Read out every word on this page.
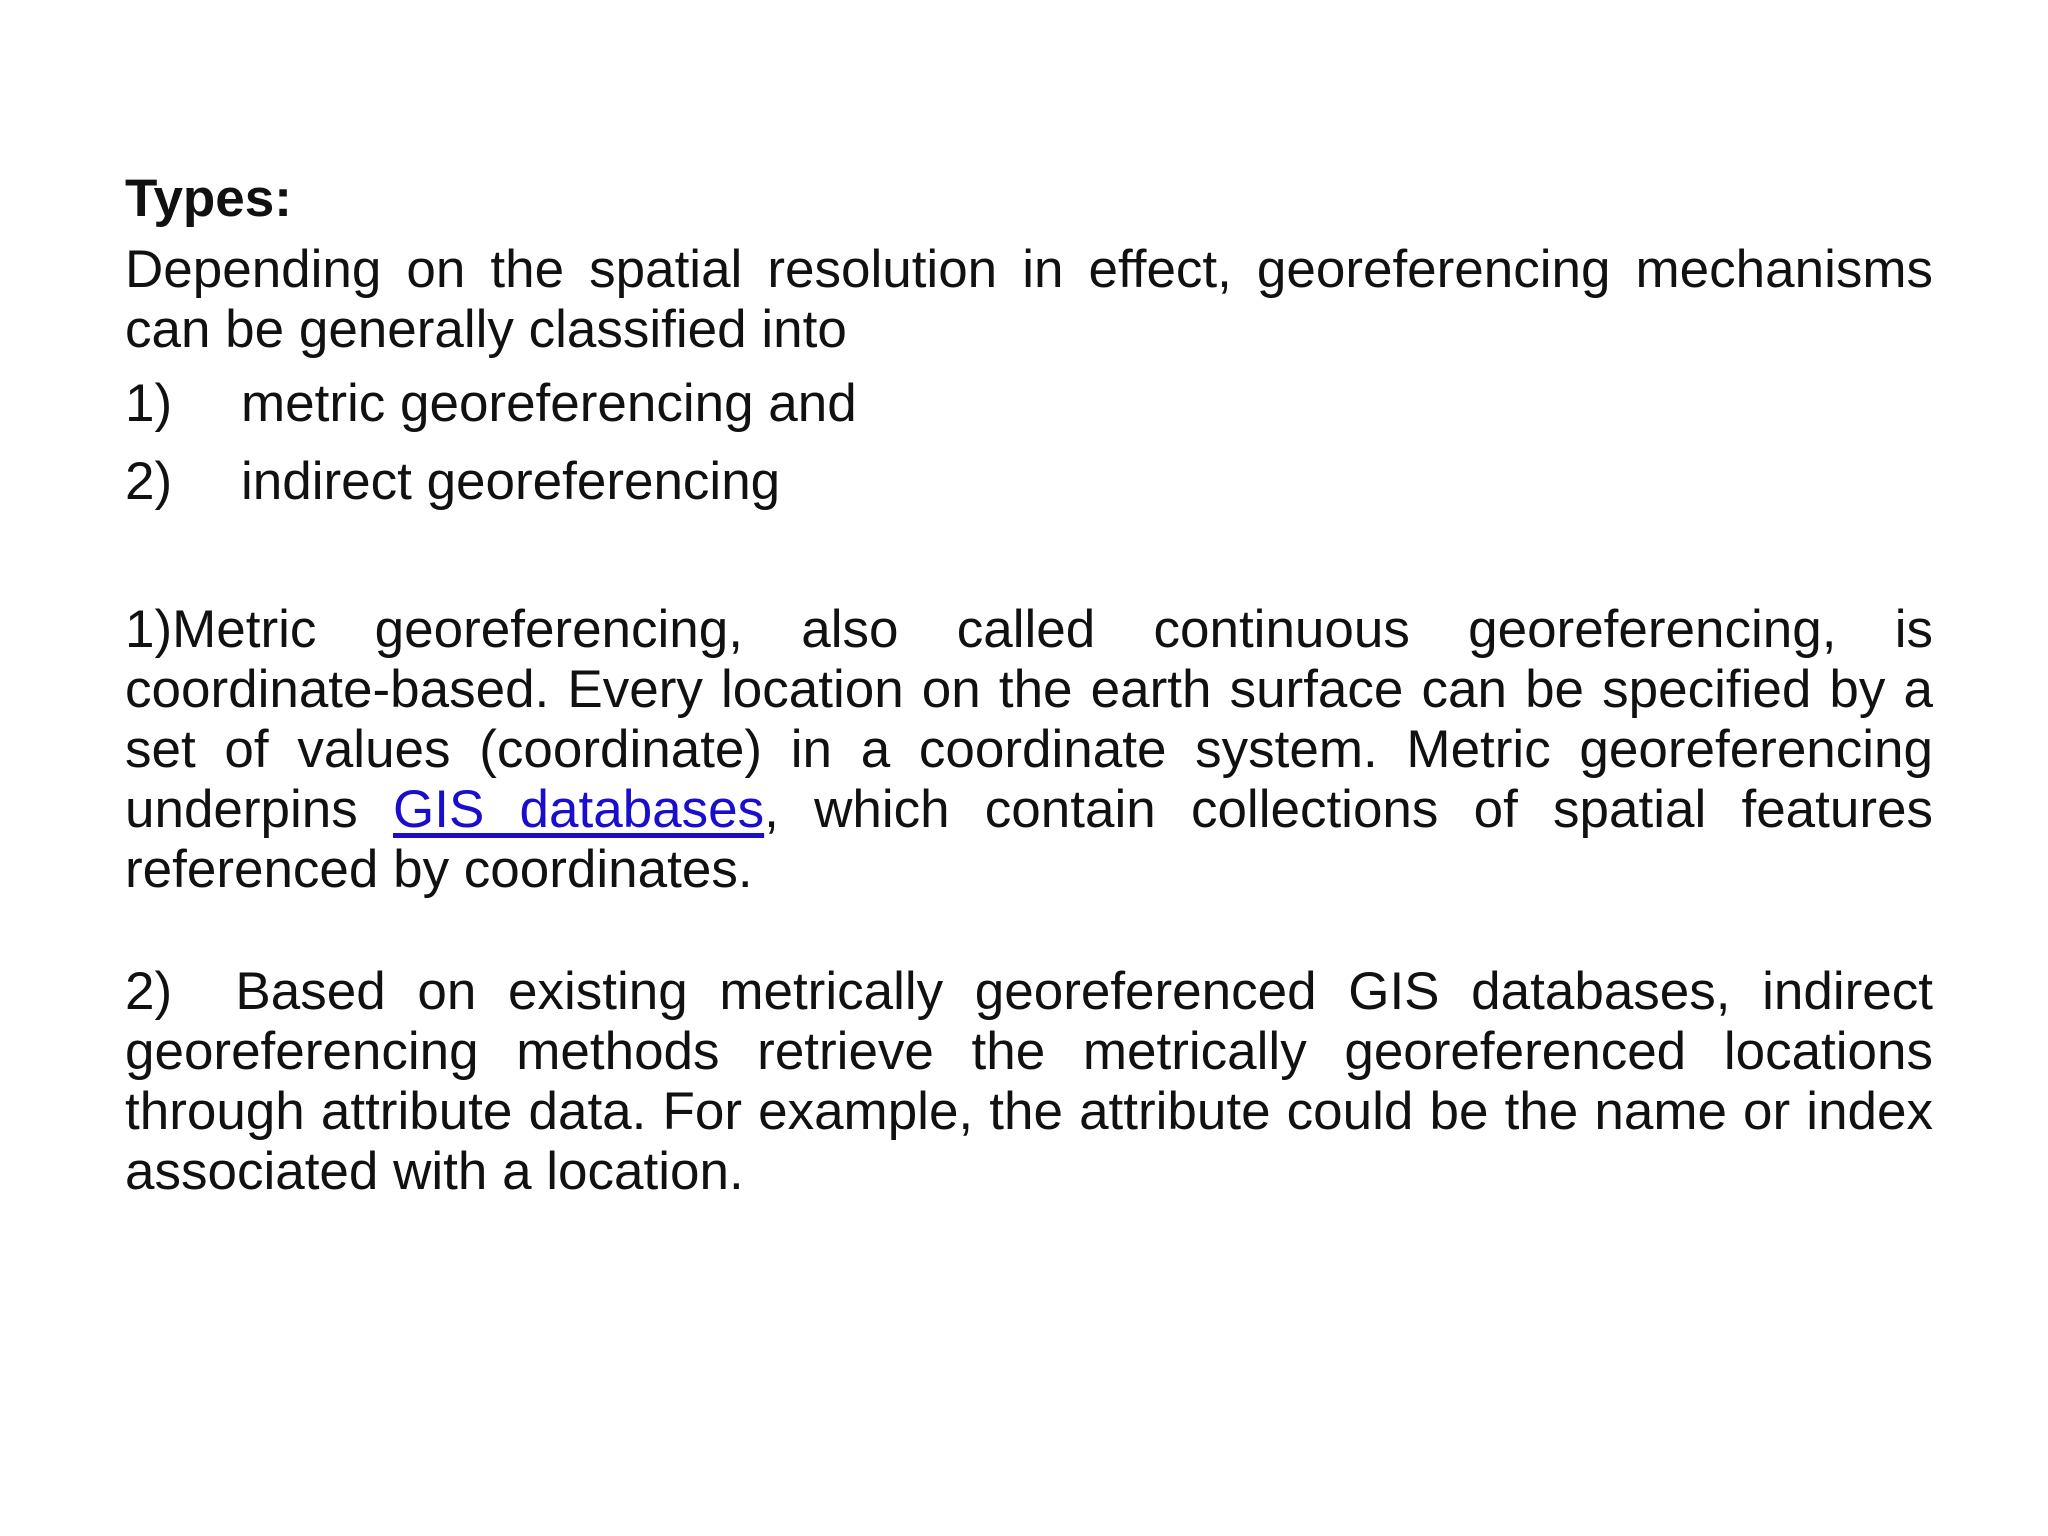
Types:

Depending on the spatial resolution in effect, georeferencing mechanisms can be generally classified into

1)	metric georeferencing and
2)	indirect georeferencing

1)Metric georeferencing, also called continuous georeferencing, is coordinate-based. Every location on the earth surface can be specified by a set of values (coordinate) in a coordinate system. Metric georeferencing underpins GIS databases, which contain collections of spatial features referenced by coordinates.

2)  Based on existing metrically georeferenced GIS databases, indirect georeferencing methods retrieve the metrically georeferenced locations through attribute data. For example, the attribute could be the name or index associated with a location.
